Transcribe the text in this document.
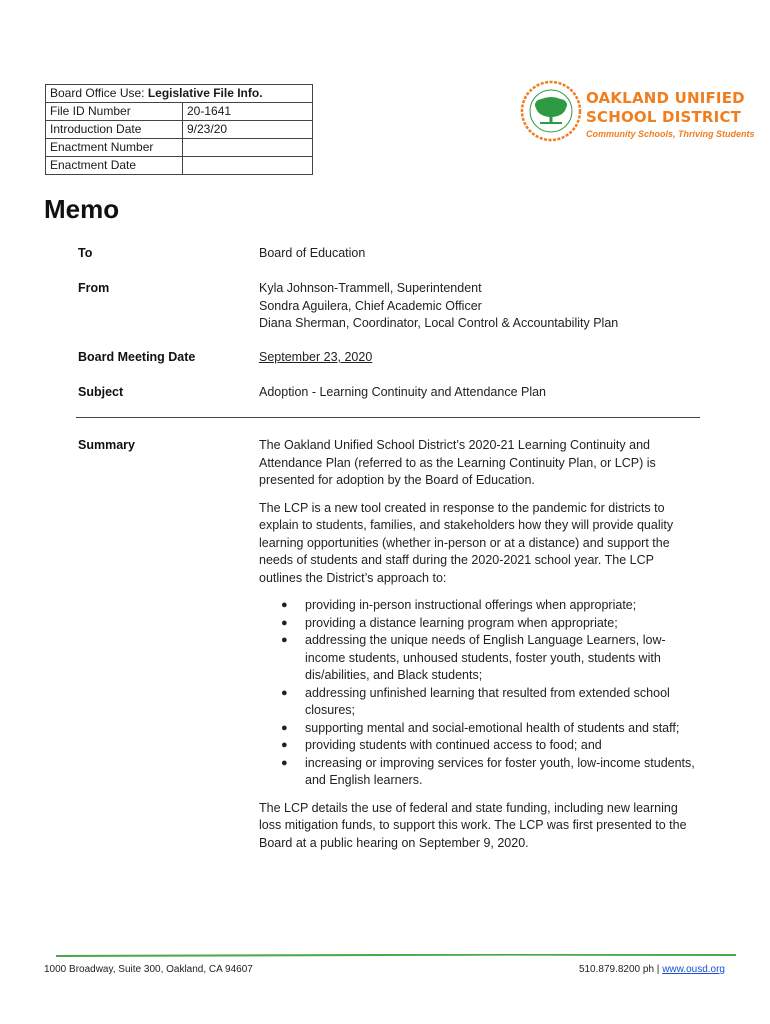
Board Office Use: Legislative File Info.	
File ID Number	20-1641
Introduction Date	9/23/20
Enactment Number	
Enactment Date	
OAKLAND UNIFIED
SCHOOL DISTRICT
Community Schools, Thriving Students
Memo
To	Board of Education
From	Kyla Johnson-Trammell, Superintendent
Sondra Aguilera, Chief Academic Officer
Diana Sherman, Coordinator, Local Control & Accountability Plan
Board Meeting Date	September 23, 2020
Subject	Adoption - Learning Continuity and Attendance Plan
Summary	The Oakland Unified School District’s 2020-21 Learning Continuity and Attendance Plan (referred to as the Learning Continuity Plan, or LCP) is presented for adoption by the Board of Education.

The LCP is a new tool created in response to the pandemic for districts to explain to students, families, and stakeholders how they will provide quality learning opportunities (whether in-person or at a distance) and support the needs of students and staff during the 2020-2021 school year. The LCP outlines the District’s approach to:

● providing in-person instructional offerings when appropriate;
● providing a distance learning program when appropriate;
● addressing the unique needs of English Language Learners, low-income students, unhoused students, foster youth, students with dis/abilities, and Black students;
● addressing unfinished learning that resulted from extended school closures;
● supporting mental and social-emotional health of students and staff;
● providing students with continued access to food; and
● increasing or improving services for foster youth, low-income students, and English learners.

The LCP details the use of federal and state funding, including new learning loss mitigation funds, to support this work. The LCP was first presented to the Board at a public hearing on September 9, 2020.

1000 Broadway, Suite 300, Oakland, CA 94607	510.879.8200 ph | www.ousd.org
